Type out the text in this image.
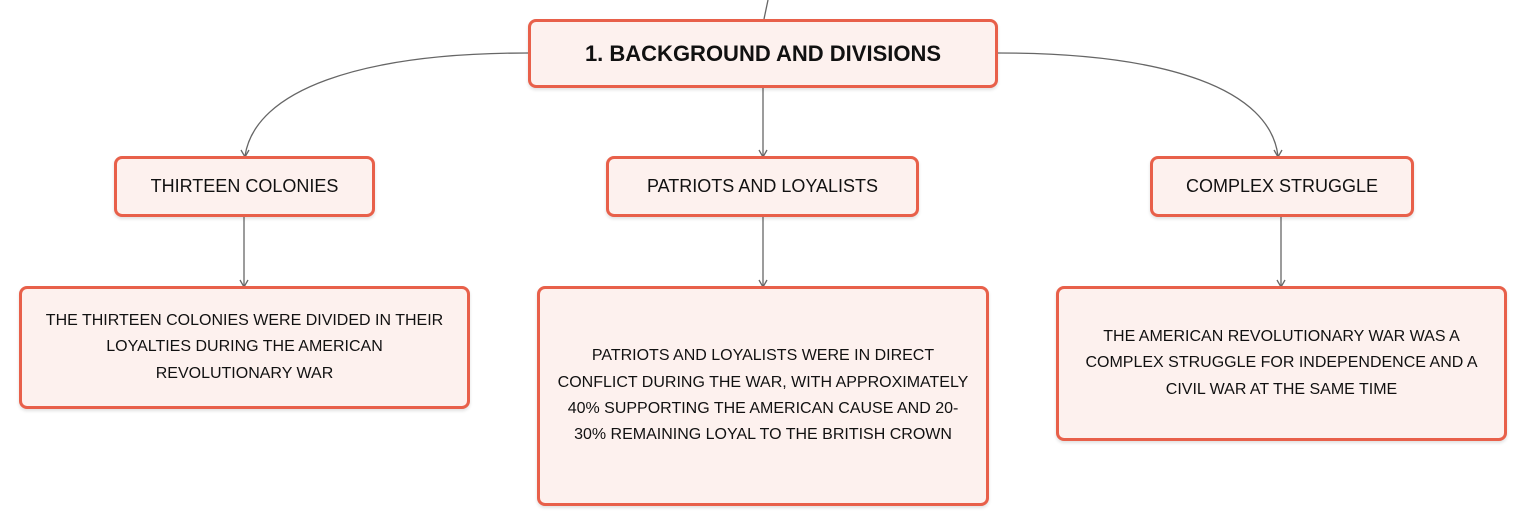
1. BACKGROUND AND DIVISIONS
THIRTEEN COLONIES	PATRIOTS AND LOYALISTS	COMPLEX STRUGGLE
THE THIRTEEN COLONIES WERE DIVIDED IN THEIR LOYALTIES DURING THE AMERICAN REVOLUTIONARY WAR
PATRIOTS AND LOYALISTS WERE IN DIRECT CONFLICT DURING THE WAR, WITH APPROXIMATELY 40% SUPPORTING THE AMERICAN CAUSE AND 20-30% REMAINING LOYAL TO THE BRITISH CROWN
THE AMERICAN REVOLUTIONARY WAR WAS A COMPLEX STRUGGLE FOR INDEPENDENCE AND A CIVIL WAR AT THE SAME TIME
